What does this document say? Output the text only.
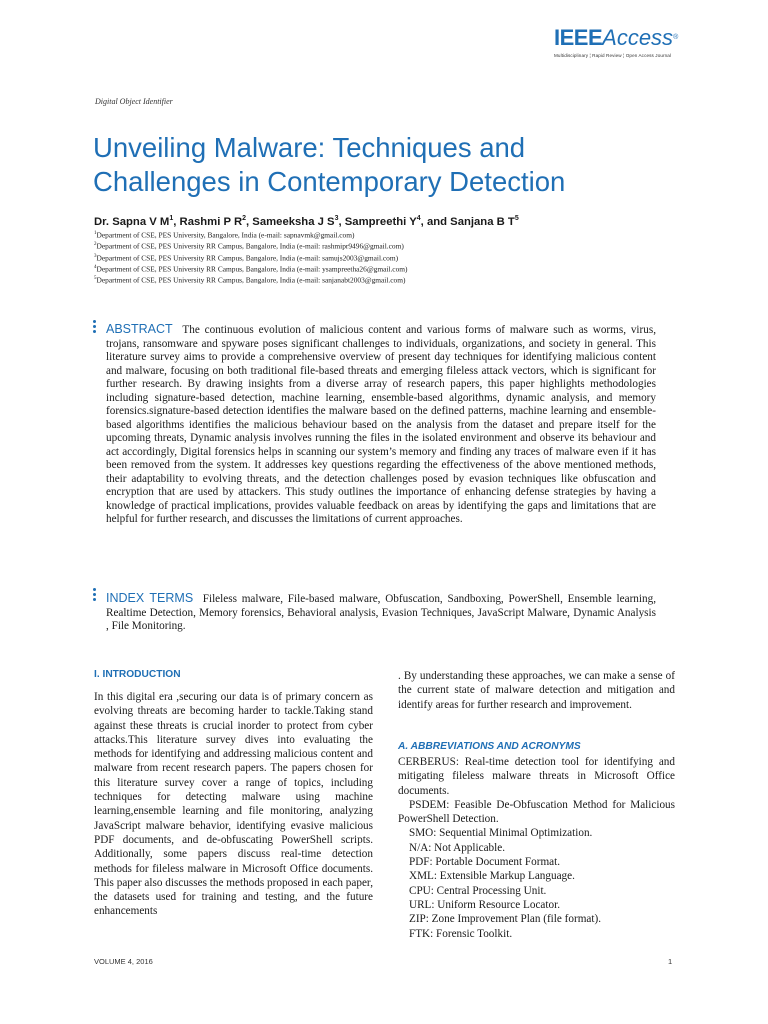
IEEEAccess®
Multidisciplinary ¦ Rapid Review ¦ Open Access Journal
Digital Object Identifier
Unveiling Malware: Techniques and Challenges in Contemporary Detection
Dr. Sapna V $M^1$, Rashmi P $R^2$, Sameeksha J $S^3$, Sampreethi $Y^4$, and Sanjana B $T^5$
$^1$Department of CSE, PES University, Bangalore, India (e-mail: sapnavmk@gmail.com)
$^2$Department of CSE, PES University RR Campus, Bangalore, India (e-mail: rashmipr9496@gmail.com)
$^3$Department of CSE, PES University RR Campus, Bangalore, India (e-mail: samujs2003@gmail.com)
$^4$Department of CSE, PES University RR Campus, Bangalore, India (e-mail: ysampreetha26@gmail.com)
$^5$Department of CSE, PES University RR Campus, Bangalore, India (e-mail: sanjanabt2003@gmail.com)
ABSTRACT The continuous evolution of malicious content and various forms of malware such as worms, virus, trojans, ransomware and spyware poses significant challenges to individuals, organizations, and society in general. This literature survey aims to provide a comprehensive overview of present day techniques for identifying malicious content and malware, focusing on both traditional file-based threats and emerging fileless attack vectors, which is significant for further research. By drawing insights from a diverse array of research papers, this paper highlights methodologies including signature-based detection, machine learning, ensemble-based algorithms, dynamic analysis, and memory forensics.signature-based detection identifies the malware based on the defined patterns, machine learning and ensemble-based algorithms identifies the malicious behaviour based on the analysis from the dataset and prepare itself for the upcoming threats, Dynamic analysis involves running the files in the isolated environment and observe its behaviour and act accordingly, Digital forensics helps in scanning our system’s memory and finding any traces of malware even if it has been removed from the system. It addresses key questions regarding the effectiveness of the above mentioned methods, their adaptability to evolving threats, and the detection challenges posed by evasion techniques like obfuscation and encryption that are used by attackers. This study outlines the importance of enhancing defense strategies by having a knowledge of practical implications, provides valuable feedback on areas by identifying the gaps and limitations that are helpful for further research, and discusses the limitations of current approaches.
INDEX TERMS Fileless malware, File-based malware, Obfuscation, Sandboxing, PowerShell, Ensemble learning, Realtime Detection, Memory forensics, Behavioral analysis, Evasion Techniques, JavaScript Malware, Dynamic Analysis , File Monitoring.
I. INTRODUCTION
In this digital era ,securing our data is of primary concern as evolving threats are becoming harder to tackle.Taking stand against these threats is crucial inorder to protect from cyber attacks.This literature survey dives into evaluating the methods for identifying and addressing malicious content and malware from recent research papers. The papers chosen for this literature survey cover a range of topics, including techniques for detecting malware using machine learning,ensemble learning and file monitoring, analyzing JavaScript malware behavior, identifying evasive malicious PDF documents, and de-obfuscating PowerShell scripts. Additionally, some papers discuss real-time detection methods for fileless malware in Microsoft Office documents. This paper also discusses the methods proposed in each paper, the datasets used for training and testing, and the future enhancements
. By understanding these approaches, we can make a sense of the current state of malware detection and mitigation and identify areas for further research and improvement.
A. ABBREVIATIONS AND ACRONYMS

CERBERUS: Real-time detection tool for identifying and mitigating fileless malware threats in Microsoft Office documents.

PSDEM: Feasible De-Obfuscation Method for Malicious PowerShell Detection.

SMO: Sequential Minimal Optimization.

N/A: Not Applicable.

PDF: Portable Document Format.

XML: Extensible Markup Language.

CPU: Central Processing Unit.

URL: Uniform Resource Locator.

ZIP: Zone Improvement Plan (file format).

FTK: Forensic Toolkit.

VOLUME 4, 2016	1
